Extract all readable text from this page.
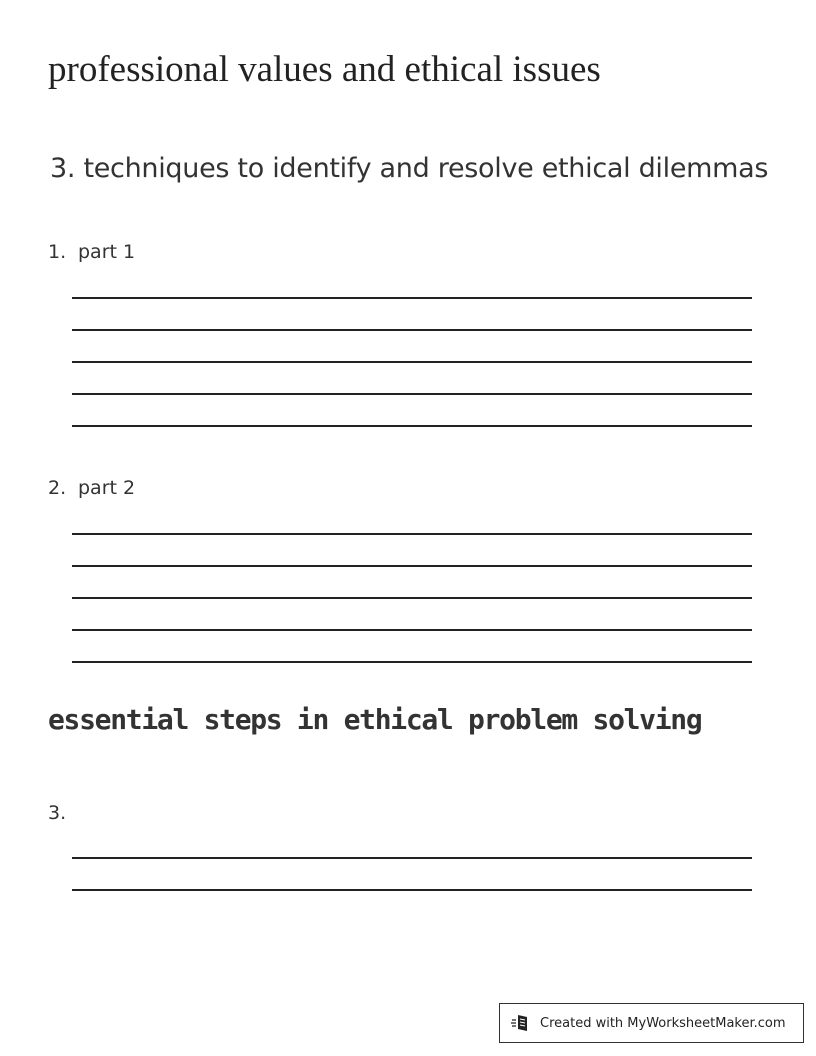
professional values and ethical issues
3. techniques to identify and resolve ethical dilemmas
1. part 1
2. part 2
essential steps in ethical problem solving
3.
Created with MyWorksheetMaker.com
